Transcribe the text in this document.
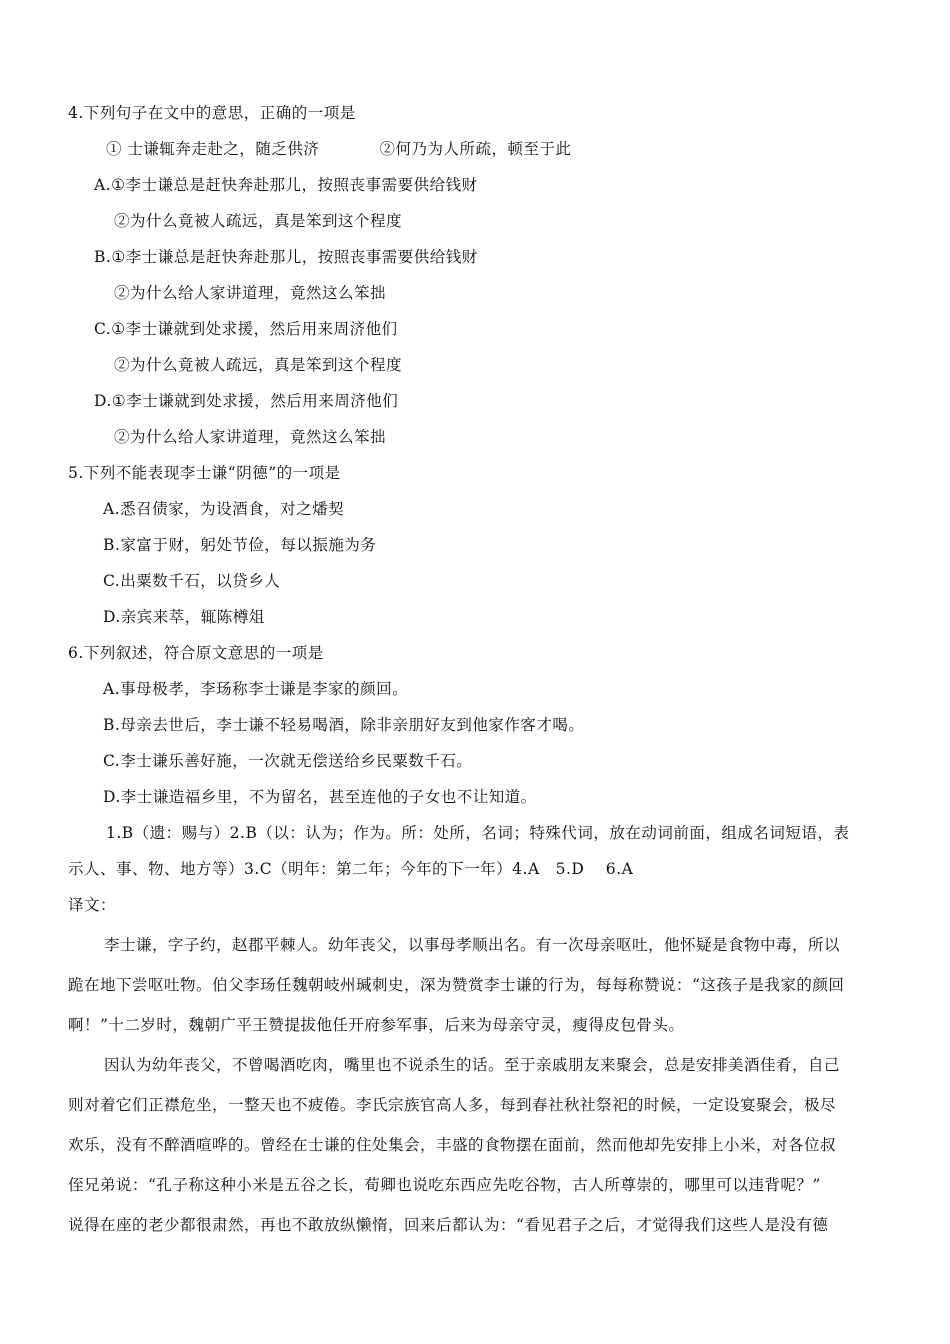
4.下列句子在文中的意思，正确的一项是
① 士谦辄奔走赴之，随乏供济	②何乃为人所疏，顿至于此
A.①李士谦总是赶快奔赴那儿，按照丧事需要供给钱财
②为什么竟被人疏远，真是笨到这个程度
B.①李士谦总是赶快奔赴那儿，按照丧事需要供给钱财
②为什么给人家讲道理，竟然这么笨拙
C.①李士谦就到处求援，然后用来周济他们
②为什么竟被人疏远，真是笨到这个程度
D.①李士谦就到处求援，然后用来周济他们
②为什么给人家讲道理，竟然这么笨拙
5.下列不能表现李士谦“阴德”的一项是
A.悉召债家，为设酒食，对之燔契
B.家富于财，躬处节俭，每以振施为务
C.出粟数千石，以贷乡人
D.亲宾来萃，辄陈樽俎
6.下列叙述，符合原文意思的一项是
A.事母极孝，李玚称李士谦是李家的颜回。
B.母亲去世后，李士谦不轻易喝酒，除非亲朋好友到他家作客才喝。
C.李士谦乐善好施，一次就无偿送给乡民粟数千石。
D.李士谦造福乡里，不为留名，甚至连他的子女也不让知道。
1.B（遗：赐与）2.B（以：认为；作为。所：处所，名词；特殊代词，放在动词前面，组成名词短语，表
示人、事、物、地方等）3.C（明年：第二年；今年的下一年）4.A　5.D　 6.A
译文：
李士谦，字子约，赵郡平棘人。幼年丧父，以事母孝顺出名。有一次母亲呕吐，他怀疑是食物中毒，所以
跪在地下尝呕吐物。伯父李玚任魏朝岐州瑊刺史，深为赞赏李士谦的行为，每每称赞说：“这孩子是我家的颜回
啊！”十二岁时，魏朝广平王赞提拔他任开府参军事，后来为母亲守灵，瘦得皮包骨头。
因认为幼年丧父，不曾喝酒吃肉，嘴里也不说杀生的话。至于亲戚朋友来聚会，总是安排美酒佳肴，自己
则对着它们正襟危坐，一整天也不疲倦。李氏宗族官高人多，每到春社秋社祭祀的时候，一定设宴聚会，极尽
欢乐，没有不醉酒喧哗的。曾经在士谦的住处集会，丰盛的食物摆在面前，然而他却先安排上小米，对各位叔
侄兄弟说：“孔子称这种小米是五谷之长，荀卿也说吃东西应先吃谷物，古人所尊崇的，哪里可以违背呢？”
说得在座的老少都很肃然，再也不敢放纵懒惰，回来后都认为：“看见君子之后，才觉得我们这些人是没有德
